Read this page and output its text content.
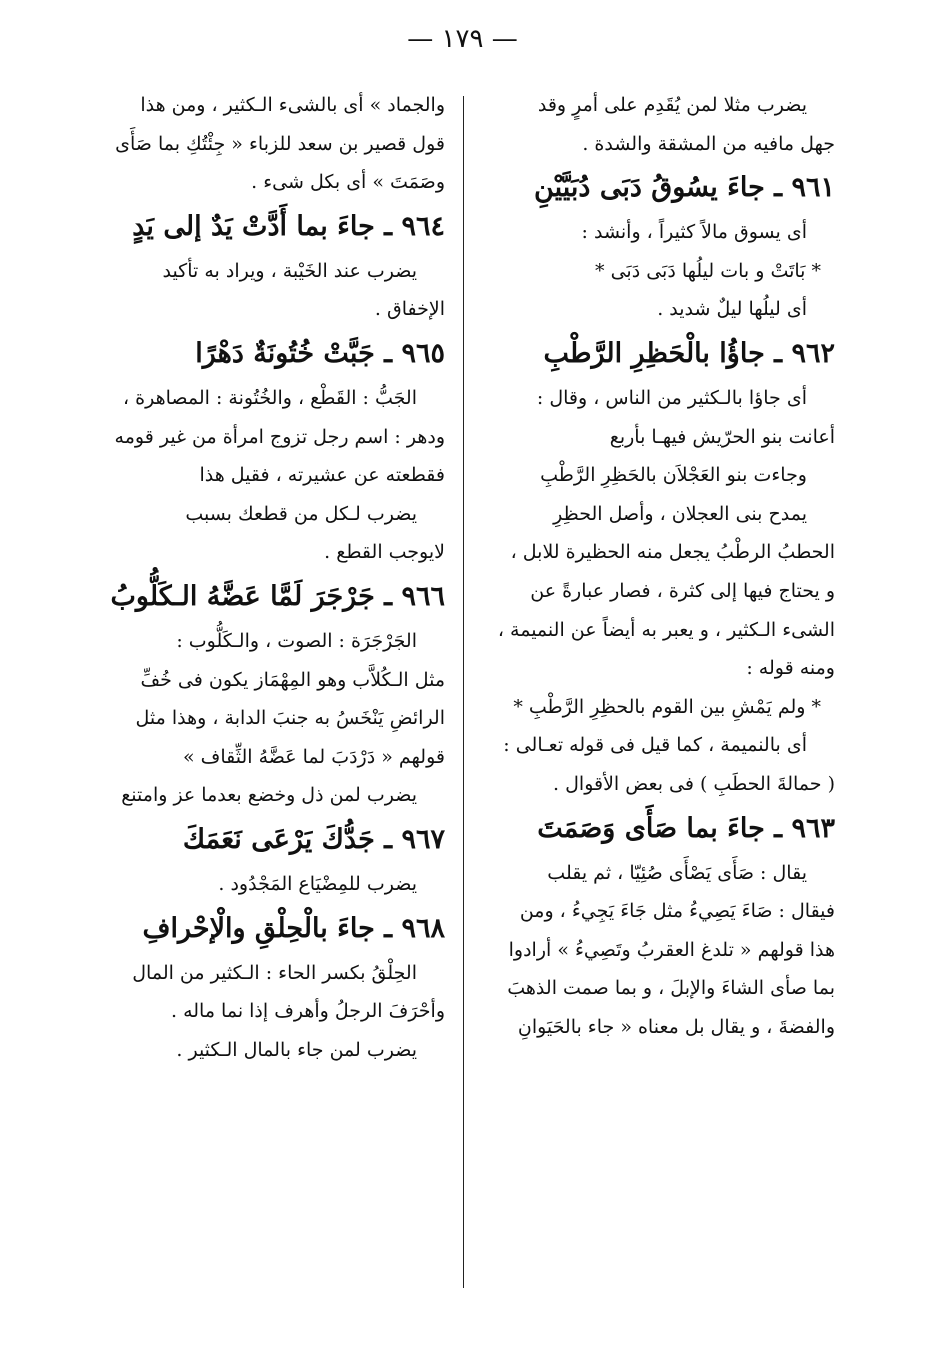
— ١٧٩ —

يضرب مثلا لمن يُقَدِم على أمرٍ وقد

جهل مافيه من المشقة والشدة .

٩٦١ ـ جاءَ يسُوقُ دَبَى دُبَيَّيْنِ

أى يسوق مالاً كثيراً ، وأنشد :

* بَاتَتْ و بات ليلُها دَبَى دَبَى *

أى ليلُها ليلٌ شديد .

٩٦٢ ـ جاؤُا بالْحَظِرِ الرَّطْبِ

أى جاؤا بالـكثير من الناس ، وقال :

أعانت بنو الحرّيش فيهـا بأربع

وجاءت بنو العَجْلاَن بالحَظِرِ الرَّطْبِ

يمدح بنى العجلان ، وأصل الحظِرِ

الحطبُ الرطْبُ يجعل منه الحظيرة للابل ،

و يحتاج فيها إلى كثرة ، فصار عبارةً عن

الشىء الـكثير ، و يعبر به أيضاً عن النميمة ،

ومنه قوله :

* ولم يَمْشِ بين القوم بالحظِرِ الرَّطْبِ *

أى بالنميمة ، كما قيل فى قوله تعـالى :

( حمالةَ الحطَبِ ) فى بعض الأقوال .

٩٦٣ ـ جاءَ بما صَأَى وَصَمَتَ

يقال : صَأَى يَصْأَى صُئِيّا ، ثم يقلب

فيقال : صَاءَ يَصِيءُ مثل جَاءَ يَجِيءُ ، ومن

هذا قولهم « تلدغ العقربُ وتَصِيءُ » أرادوا

بما صأى الشاءَ والإبلَ ، و بما صمت الذهبَ

والفضةَ ، و يقال بل معناه « جاء بالحَيَوانِ

والجماد » أى بالشىء الـكثير ، ومن هذا

قول قصير بن سعد للزباء « جِئْتُكِ بما صَأَى

وصَمَتَ » أى بكل شىء .

٩٦٤ ـ جاءَ بما أَدَّتْ يَدٌ إلى يَدٍ

يضرب عند الخَيْبة ، ويراد به تأكيد

الإخفاق .

٩٦٥ ـ جَبَّتْ خُتُونَةٌ دَهْرًا

الجَبُّ : القَطْع ، والخُتُونة : المصاهرة ،

ودهر : اسم رجل تزوج امرأة من غير قومه

فقطعته عن عشيرته ، فقيل هذا

يضرب لـكل من قطعك بسبب

لايوجب القطع .

٩٦٦ ـ جَرْجَرَ لَمَّا عَضَّهُ الـكَلُّوبُ

الجَرْجَرَة : الصوت ، والـكَلُّوب :

مثل الـكُلاَّب وهو المِهْمَاز يكون فى خُفِّ

الرائضِ يَنْخَسُ به جنبَ الدابة ، وهذا مثل

قولهم « دَرْدَبَ لما عَضَّهُ الثِّقاف »

يضرب لمن ذل وخضع بعدما عز وامتنع

٩٦٧ ـ جَدُّكَ يَرْعَى نَعَمَكَ

يضرب للمِضْيَاع المَجْدُود .

٩٦٨ ـ جاءَ بالْحِلْقِ والْإحْرافِ

الحِلْقُ بكسر الحاء : الـكثير من المال

وأحْرَفَ الرجلُ وأهرف إذا نما ماله .

يضرب لمن جاء بالمال الـكثير .
